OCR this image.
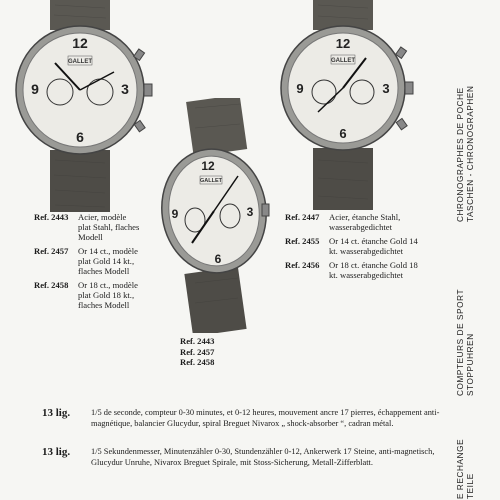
12
3
6
9
GALLET
12
3
6
9
GALLET
12
3
6
9
GALLET
Ref. 2443	Acier, modèle plat Stahl, flaches Modell
Ref. 2457	Or 14 ct., modèle plat Gold 14 kt., flaches Modell
Ref. 2458	Or 18 ct., modèle plat Gold 18 kt., flaches Modell
Ref. 2443
Ref. 2457
Ref. 2458
Ref. 2447	Acier, étanche Stahl, wasserabgedichtet
Ref. 2455	Or 14 ct. étanche Gold 14 kt. wasserabgedichtet
Ref. 2456	Or 18 ct. étanche Gold 18 kt. wasserabgedichtet
CHRONOGRAPHES DE POCHE TASCHEN - CHRONOGRAPHEN
COMPTEURS DE SPORT STOPPUHREN
E RECHANGE TEILE
13 lig. 1/5 de seconde, compteur 0-30 minutes, et 0-12 heures, mouvement ancre 17 pierres, échappement anti-magnétique, balancier Glucydur, spiral Breguet Nivarox „ shock-absorber “, cadran métal.
13 lig. 1/5 Sekundenmesser, Minutenzähler 0-30, Stundenzähler 0-12, Ankerwerk 17 Steine, anti-magnetisch, Glucydur Unruhe, Nivarox Breguet Spirale, mit Stoss-Sicherung, Metall-Zifferblatt.
